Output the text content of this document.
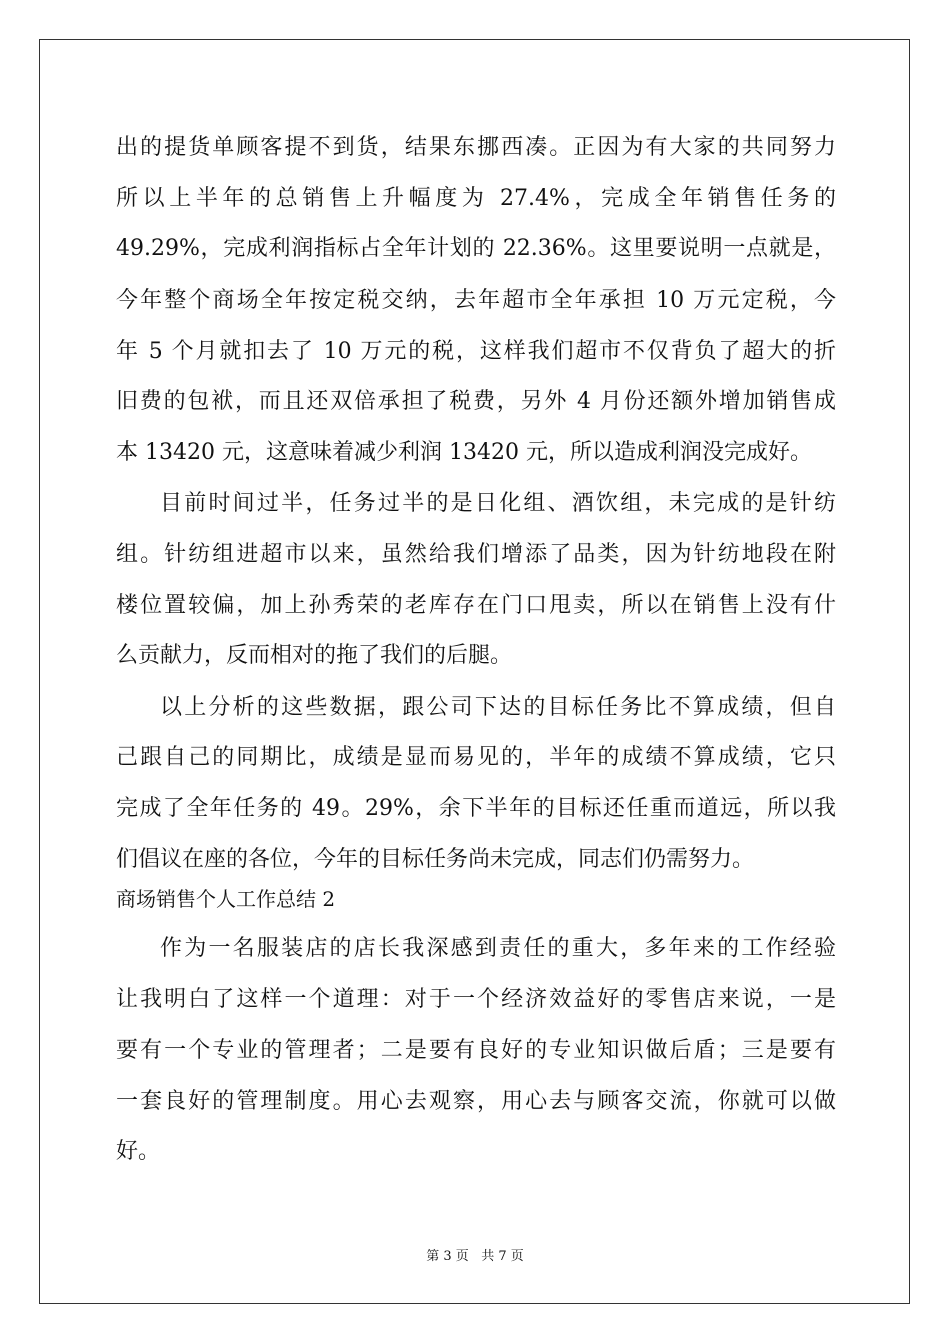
出的提货单顾客提不到货，结果东挪西凑。正因为有大家的共同努力
所以上半年的总销售上升幅度为 27.4%，完成全年销售任务的
49.29%，完成利润指标占全年计划的 22.36%。这里要说明一点就是，
今年整个商场全年按定税交纳，去年超市全年承担 10 万元定税，今
年 5 个月就扣去了 10 万元的税，这样我们超市不仅背负了超大的折
旧费的包袱，而且还双倍承担了税费，另外 4 月份还额外增加销售成
本 13420 元，这意味着减少利润 13420 元，所以造成利润没完成好。
目前时间过半，任务过半的是日化组、酒饮组，未完成的是针纺
组。针纺组进超市以来，虽然给我们增添了品类，因为针纺地段在附
楼位置较偏，加上孙秀荣的老库存在门口甩卖，所以在销售上没有什
么贡献力，反而相对的拖了我们的后腿。
以上分析的这些数据，跟公司下达的目标任务比不算成绩，但自
己跟自己的同期比，成绩是显而易见的，半年的成绩不算成绩，它只
完成了全年任务的 49。29%，余下半年的目标还任重而道远，所以我
们倡议在座的各位，今年的目标任务尚未完成，同志们仍需努力。
商场销售个人工作总结 2
作为一名服装店的店长我深感到责任的重大，多年来的工作经验
让我明白了这样一个道理：对于一个经济效益好的零售店来说，一是
要有一个专业的管理者；二是要有良好的专业知识做后盾；三是要有
一套良好的管理制度。用心去观察，用心去与顾客交流，你就可以做
好。
第 3 页 共 7 页
